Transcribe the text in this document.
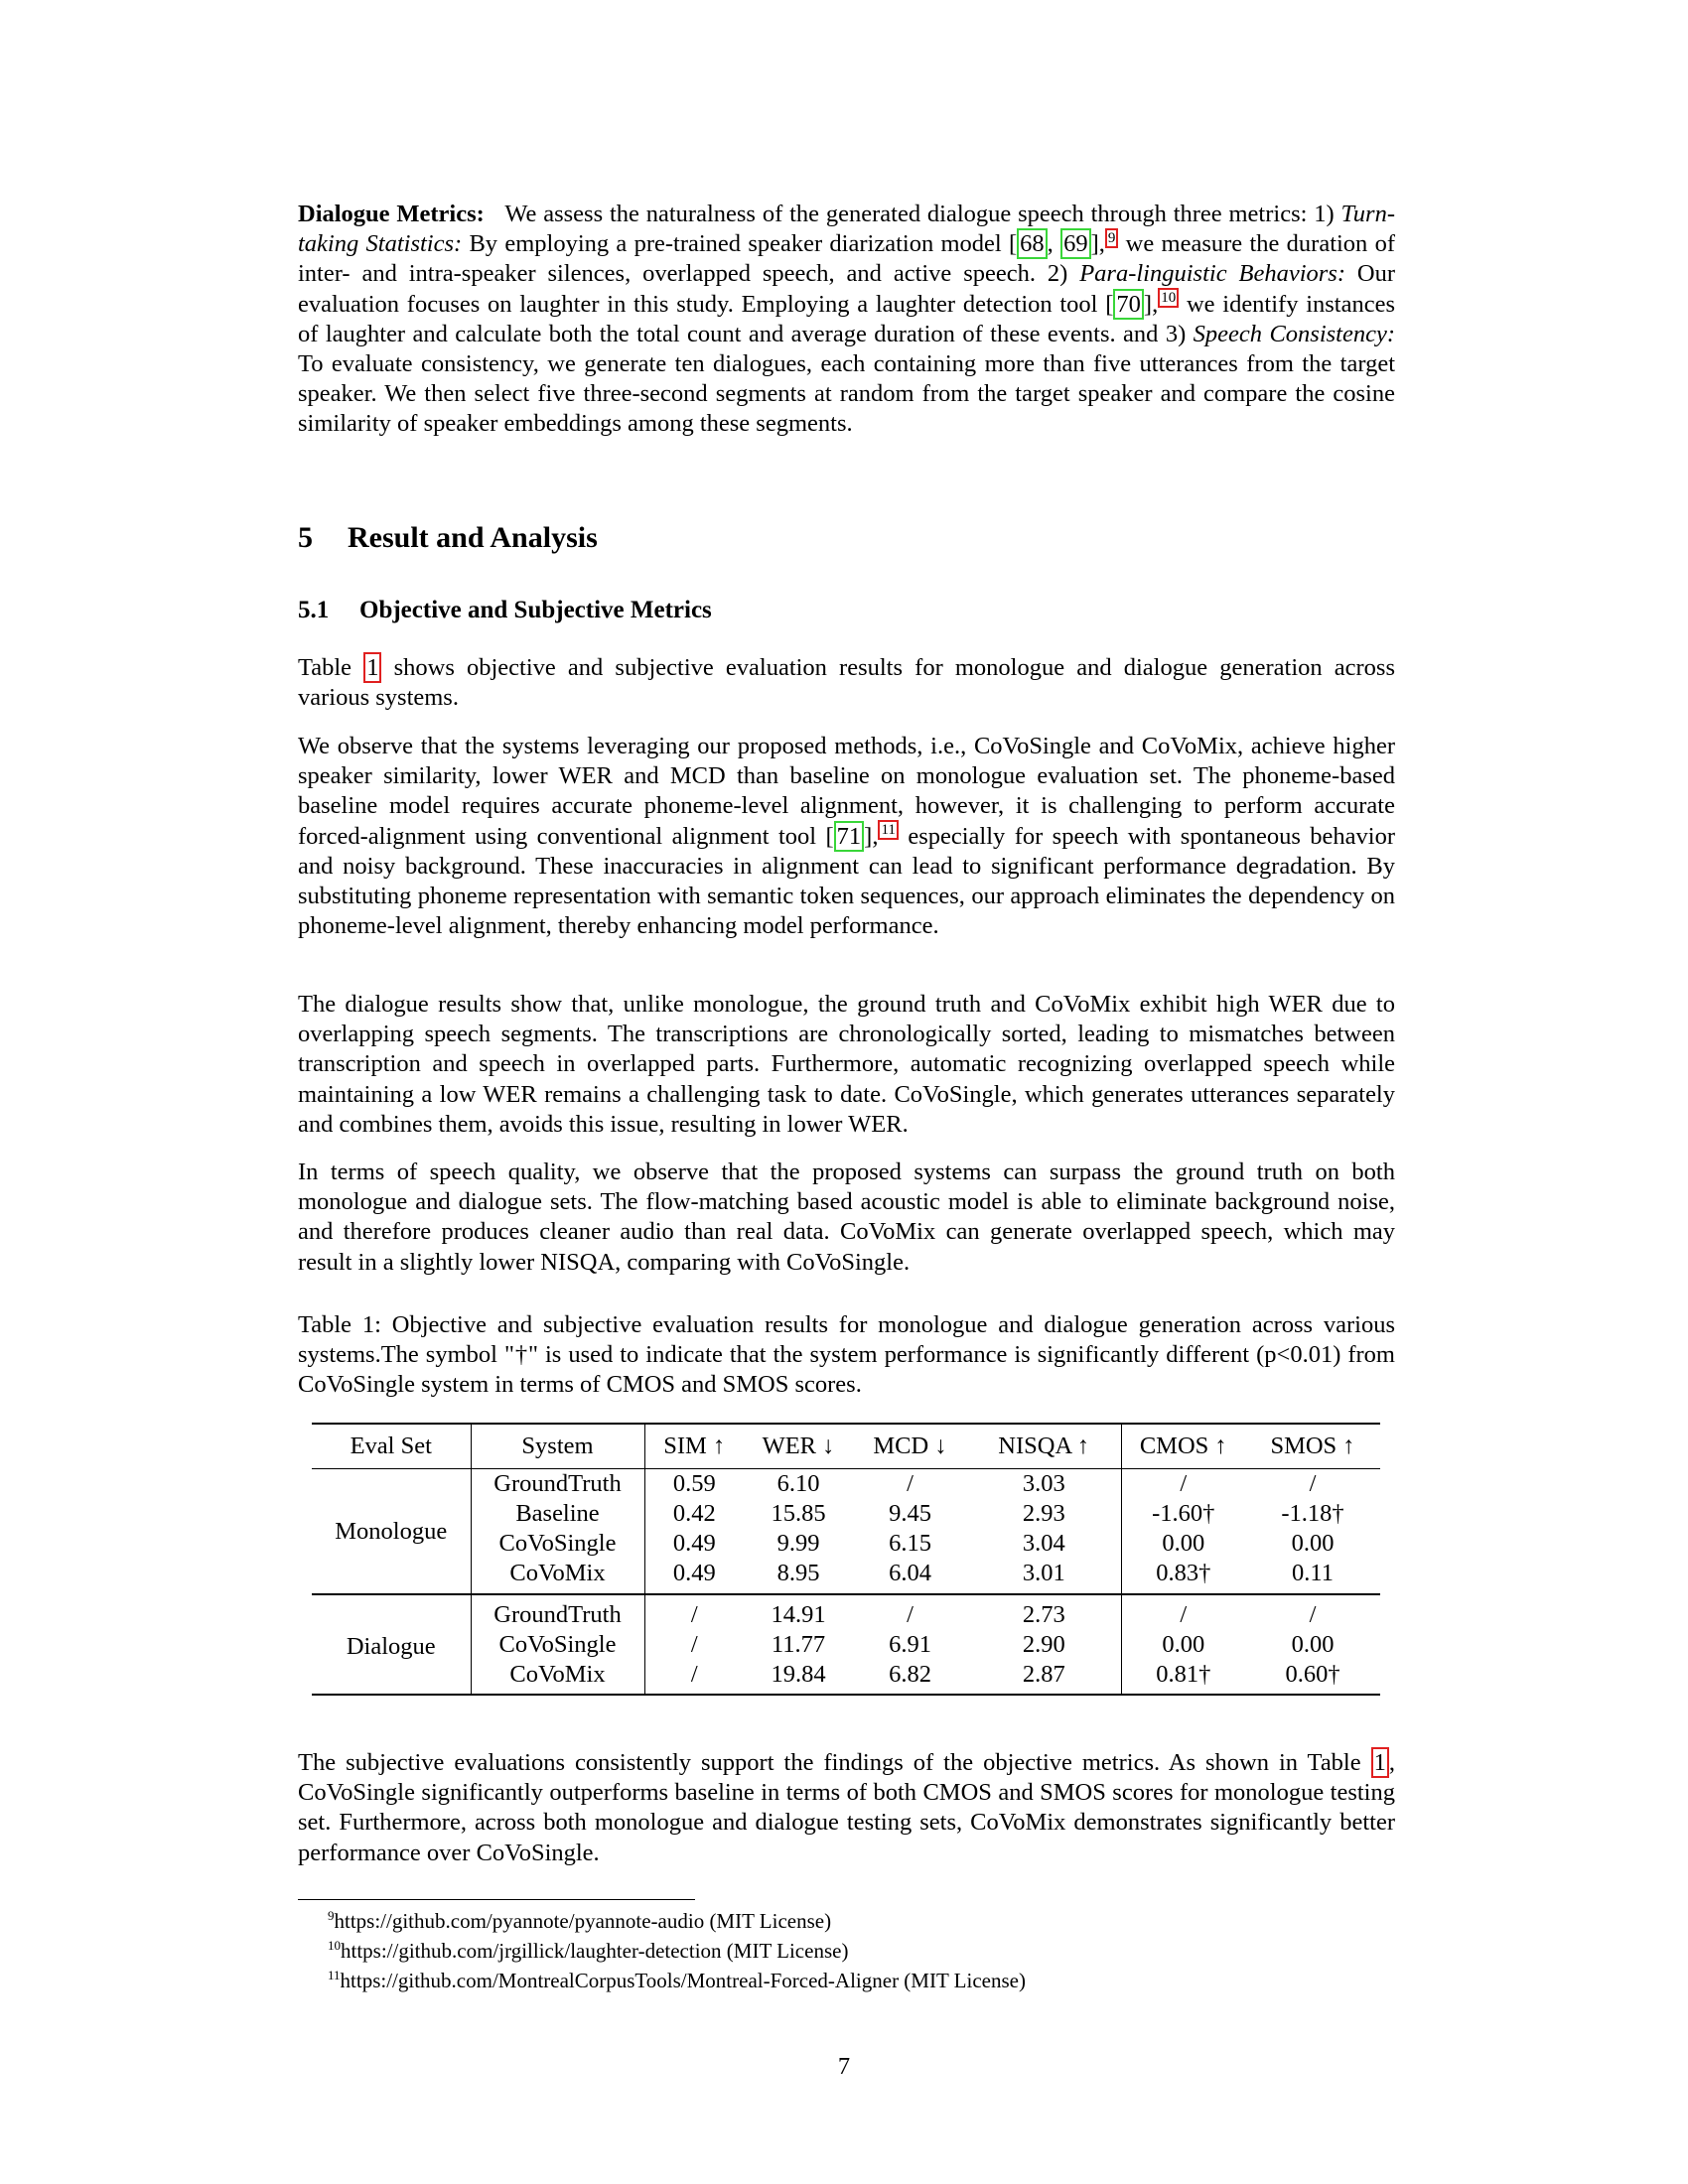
Dialogue Metrics: We assess the naturalness of the generated dialogue speech through three metrics: 1) Turn-taking Statistics: By employing a pre-trained speaker diarization model [ 68 , 69 ], $^9$ we measure the duration of inter- and intra-speaker silences, overlapped speech, and active speech. 2) Para-linguistic Behaviors: Our evaluation focuses on laughter in this study. Employing a laughter detection tool [ 70 ], $^{10}$ we identify instances of laughter and calculate both the total count and average duration of these events. and 3) Speech Consistency: To evaluate consistency, we generate ten dialogues, each containing more than five utterances from the target speaker. We then select five three-second segments at random from the target speaker and compare the cosine similarity of speaker embeddings among these segments.

5 Result and Analysis
5.1 Objective and Subjective Metrics

Table 1 shows objective and subjective evaluation results for monologue and dialogue generation across various systems.

We observe that the systems leveraging our proposed methods, i.e., CoVoSingle and CoVoMix, achieve higher speaker similarity, lower WER and MCD than baseline on monologue evaluation set. The phoneme-based baseline model requires accurate phoneme-level alignment, however, it is challenging to perform accurate forced-alignment using conventional alignment tool [ 71 ], $^{11}$ especially for speech with spontaneous behavior and noisy background. These inaccuracies in alignment can lead to significant performance degradation. By substituting phoneme representation with semantic token sequences, our approach eliminates the dependency on phoneme-level alignment, thereby enhancing model performance.

The dialogue results show that, unlike monologue, the ground truth and CoVoMix exhibit high WER due to overlapping speech segments. The transcriptions are chronologically sorted, leading to mismatches between transcription and speech in overlapped parts. Furthermore, automatic recognizing overlapped speech while maintaining a low WER remains a challenging task to date. CoVoSingle, which generates utterances separately and combines them, avoids this issue, resulting in lower WER.

In terms of speech quality, we observe that the proposed systems can surpass the ground truth on both monologue and dialogue sets. The flow-matching based acoustic model is able to eliminate background noise, and therefore produces cleaner audio than real data. CoVoMix can generate overlapped speech, which may result in a slightly lower NISQA, comparing with CoVoSingle.

Table 1: Objective and subjective evaluation results for monologue and dialogue generation across various systems.The symbol "†" is used to indicate that the system performance is significantly different (p<0.01) from CoVoSingle system in terms of CMOS and SMOS scores.

Eval Set	System	SIM ↑	WER ↓	MCD ↓	NISQA ↑	CMOS ↑	SMOS ↑
Monologue	GroundTruth	0.59	6.10	/	3.03	/	/
	Baseline	0.42	15.85	9.45	2.93	-1.60†	-1.18†
	CoVoSingle	0.49	9.99	6.15	3.04	0.00	0.00
	CoVoMix	0.49	8.95	6.04	3.01	0.83†	0.11
Dialogue	GroundTruth	/	14.91	/	2.73	/	/
	CoVoSingle	/	11.77	6.91	2.90	0.00	0.00
	CoVoMix	/	19.84	6.82	2.87	0.81†	0.60†

The subjective evaluations consistently support the findings of the objective metrics. As shown in Table 1 , CoVoSingle significantly outperforms baseline in terms of both CMOS and SMOS scores for monologue testing set. Furthermore, across both monologue and dialogue testing sets, CoVoMix demonstrates significantly better performance over CoVoSingle.

$^9$https://github.com/pyannote/pyannote-audio (MIT License)
$^{10}$https://github.com/jrgillick/laughter-detection (MIT License)
$^{11}$https://github.com/MontrealCorpusTools/Montreal-Forced-Aligner (MIT License)
7
